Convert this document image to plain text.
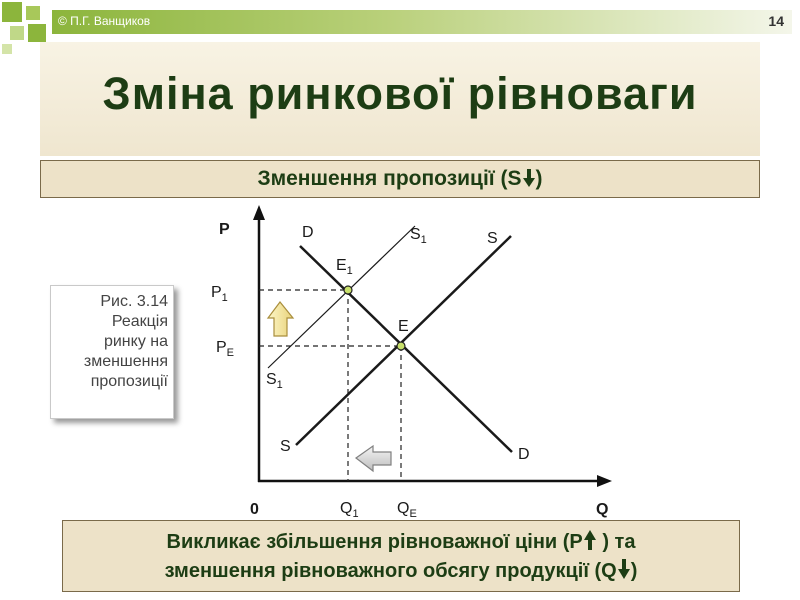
© П.Г. Ванщиков	14
Зміна ринкової рівноваги
Зменшення пропозиції (S )
Рис. 3.14
Реакція
ринку на
зменшення
пропозиції
P
Q
0
$P_1$
$P_E$
$Q_1$ $Q_E$
$E_1$
E
D
D
S
S
$S_1$
$S_1$
Викликає збільшення рівноважної ціни (Р ) та
зменшення рівноважного обсягу продукції (Q )
